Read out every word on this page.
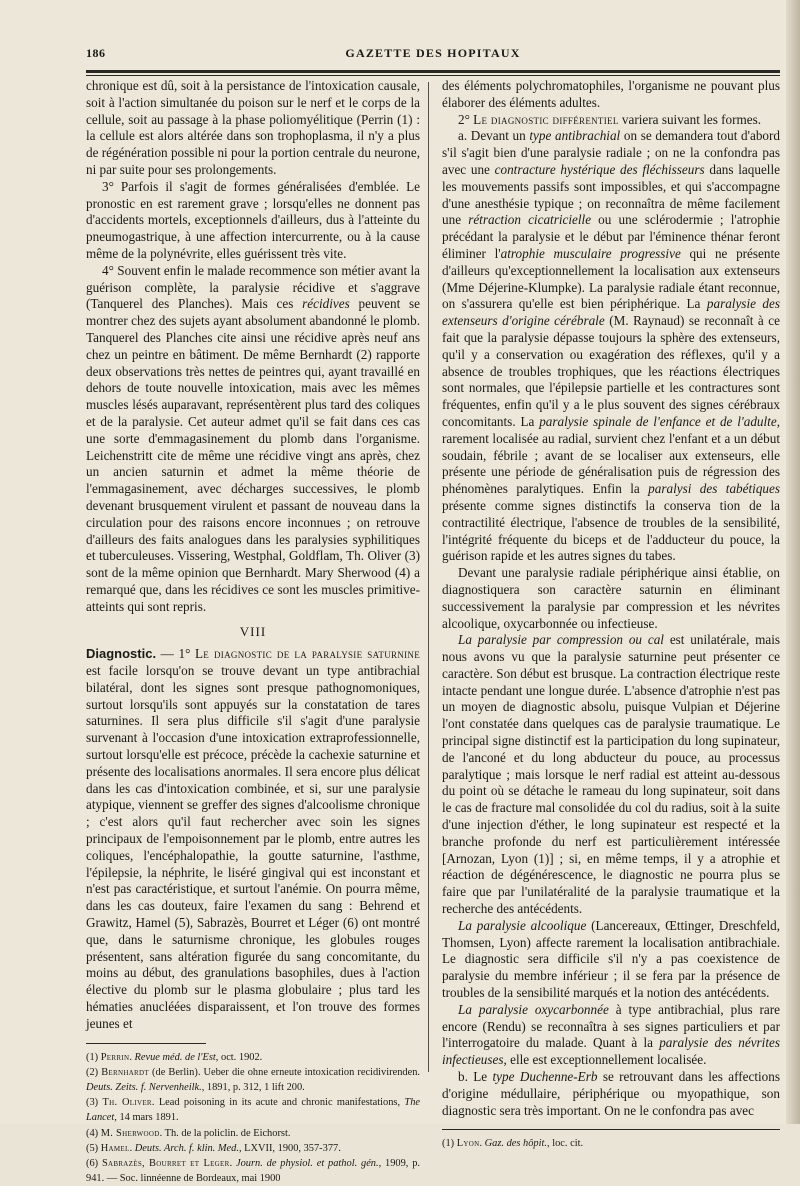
186	GAZETTE DES HOPITAUX

chronique est dû, soit à la persistance de l'intoxication causale, soit à l'action simultanée du poison sur le nerf et le corps de la cellule, soit au passage à la phase poliomyélitique (Perrin (1) : la cellule est alors altérée dans son trophoplasma, il n'y a plus de régénération possible ni pour la portion centrale du neurone, ni par suite pour ses prolongements.

3° Parfois il s'agit de formes généralisées d'emblée. Le pronostic en est rarement grave ; lorsqu'elles ne donnent pas d'accidents mortels, exceptionnels d'ailleurs, dus à l'atteinte du pneumogastrique, à une affection intercurrente, ou à la cause même de la polynévrite, elles guérissent très vite.

4° Souvent enfin le malade recommence son métier avant la guérison complète, la paralysie récidive et s'aggrave (Tanquerel des Planches). Mais ces récidives peuvent se montrer chez des sujets ayant absolument abandonné le plomb. Tanquerel des Planches cite ainsi une récidive après neuf ans chez un peintre en bâtiment. De même Bernhardt (2) rapporte deux observations très nettes de peintres qui, ayant travaillé en dehors de toute nouvelle intoxication, mais avec les mêmes muscles lésés auparavant, représentèrent plus tard des coliques et de la paralysie. Cet auteur admet qu'il se fait dans ces cas une sorte d'emmagasinement du plomb dans l'organisme. Leichenstritt cite de même une récidive vingt ans après, chez un ancien saturnin et admet la même théorie de l'emmagasinement, avec décharges successives, le plomb devenant brusquement virulent et passant de nouveau dans la circulation pour des raisons encore inconnues ; on retrouve d'ailleurs des faits analogues dans les paralysies syphilitiques et tuberculeuses. Vissering, Westphal, Goldflam, Th. Oliver (3) sont de la même opinion que Bernhardt. Mary Sherwood (4) a remarqué que, dans les récidives ce sont les muscles primitive-atteints qui sont repris.

VIII

Diagnostic. — 1° Le diagnostic de la paralysie saturnine est facile lorsqu'on se trouve devant un type antibrachial bilatéral, dont les signes sont presque pathognomoniques, surtout lorsqu'ils sont appuyés sur la constatation de tares saturnines. Il sera plus difficile s'il s'agit d'une paralysie survenant à l'occasion d'une intoxication extraprofessionnelle, surtout lorsqu'elle est précoce, précède la cachexie saturnine et présente des localisations anormales. Il sera encore plus délicat dans les cas d'intoxication combinée, et si, sur une paralysie atypique, viennent se greffer des signes d'alcoolisme chronique ; c'est alors qu'il faut rechercher avec soin les signes principaux de l'empoisonnement par le plomb, entre autres les coliques, l'encéphalopathie, la goutte saturnine, l'asthme, l'épilepsie, la néphrite, le liséré gingival qui est inconstant et n'est pas caractéristique, et surtout l'anémie. On pourra même, dans les cas douteux, faire l'examen du sang : Behrend et Grawitz, Hamel (5), Sabrazès, Bourret et Léger (6) ont montré que, dans le saturnisme chronique, les globules rouges présentent, sans altération figurée du sang concomitante, du moins au début, des granulations basophiles, dues à l'action élective du plomb sur le plasma globulaire ; plus tard les hématies anucléées disparaissent, et l'on trouve des formes jeunes et

(1) Perrin. Revue méd. de l'Est, oct. 1902.
(2) Bernhardt (de Berlin). Ueber die ohne erneute intoxication recidivirenden. Deuts. Zeits. f. Nervenheilk., 1891, p. 312, 1 lift 200.
(3) Th. Oliver. Lead poisoning in its acute and chronic manifestations, The Lancet, 14 mars 1891.
(4) M. Sherwood. Th. de la policlin. de Eichorst.
(5) Hamel. Deuts. Arch. f. klin. Med., LXVII, 1900, 357-377.
(6) Sabrazès, Bourret et Leger. Journ. de physiol. et pathol. gén., 1909, p. 941. — Soc. linnéenne de Bordeaux, mai 1900

des éléments polychromatophiles, l'organisme ne pouvant plus élaborer des éléments adultes.

2° Le diagnostic différentiel variera suivant les formes.

a. Devant un type antibrachial on se demandera tout d'abord s'il s'agit bien d'une paralysie radiale ; on ne la confondra pas avec une contracture hystérique des fléchisseurs dans laquelle les mouvements passifs sont impossibles, et qui s'accompagne d'une anesthésie typique ; on reconnaîtra de même facilement une rétraction cicatricielle ou une sclérodermie ; l'atrophie précédant la paralysie et le début par l'éminence thénar feront éliminer l'atrophie musculaire progressive qui ne présente d'ailleurs qu'exceptionnellement la localisation aux extenseurs (Mme Déjerine-Klumpke). La paralysie radiale étant reconnue, on s'assurera qu'elle est bien périphérique. La paralysie des extenseurs d'origine cérébrale (M. Raynaud) se reconnaît à ce fait que la paralysie dépasse toujours la sphère des extenseurs, qu'il y a conservation ou exagération des réflexes, qu'il y a absence de troubles trophiques, que les réactions électriques sont normales, que l'épilepsie partielle et les contractures sont fréquentes, enfin qu'il y a le plus souvent des signes cérébraux concomitants. La paralysie spinale de l'enfance et de l'adulte, rarement localisée au radial, survient chez l'enfant et a un début soudain, fébrile ; avant de se localiser aux extenseurs, elle présente une période de généralisation puis de régression des phénomènes paralytiques. Enfin la paralysi des tabétiques présente comme signes distinctifs la conserva tion de la contractilité électrique, l'absence de troubles de la sensibilité, l'intégrité fréquente du biceps et de l'adducteur du pouce, la guérison rapide et les autres signes du tabes.

Devant une paralysie radiale périphérique ainsi établie, on diagnostiquera son caractère saturnin en éliminant successivement la paralysie par compression et les névrites alcoolique, oxycarbonnée ou infectieuse.

La paralysie par compression ou cal est unilatérale, mais nous avons vu que la paralysie saturnine peut présenter ce caractère. Son début est brusque. La contraction électrique reste intacte pendant une longue durée. L'absence d'atrophie n'est pas un moyen de diagnostic absolu, puisque Vulpian et Déjerine l'ont constatée dans quelques cas de paralysie traumatique. Le principal signe distinctif est la participation du long supinateur, de l'anconé et du long abducteur du pouce, au processus paralytique ; mais lorsque le nerf radial est atteint au-dessous du point où se détache le rameau du long supinateur, soit dans le cas de fracture mal consolidée du col du radius, soit à la suite d'une injection d'éther, le long supinateur est respecté et la branche profonde du nerf est particulièrement intéressée [Arnozan, Lyon (1)] ; si, en même temps, il y a atrophie et réaction de dégénérescence, le diagnostic ne pourra plus se faire que par l'unilatéralité de la paralysie traumatique et la recherche des antécédents.

La paralysie alcoolique (Lancereaux, Œttinger, Dreschfeld, Thomsen, Lyon) affecte rarement la localisation antibrachiale. Le diagnostic sera difficile s'il n'y a pas coexistence de paralysie du membre inférieur ; il se fera par la présence de troubles de la sensibilité marqués et la notion des antécédents.

La paralysie oxycarbonnée à type antibrachial, plus rare encore (Rendu) se reconnaîtra à ses signes particuliers et par l'interrogatoire du malade. Quant à la paralysie des névrites infectieuses, elle est exceptionnellement localisée.

b. Le type Duchenne-Erb se retrouvant dans les affections d'origine médullaire, périphérique ou myopathique, son diagnostic sera très important. On ne le confondra pas avec

(1) Lyon. Gaz. des hôpit., loc. cit.
